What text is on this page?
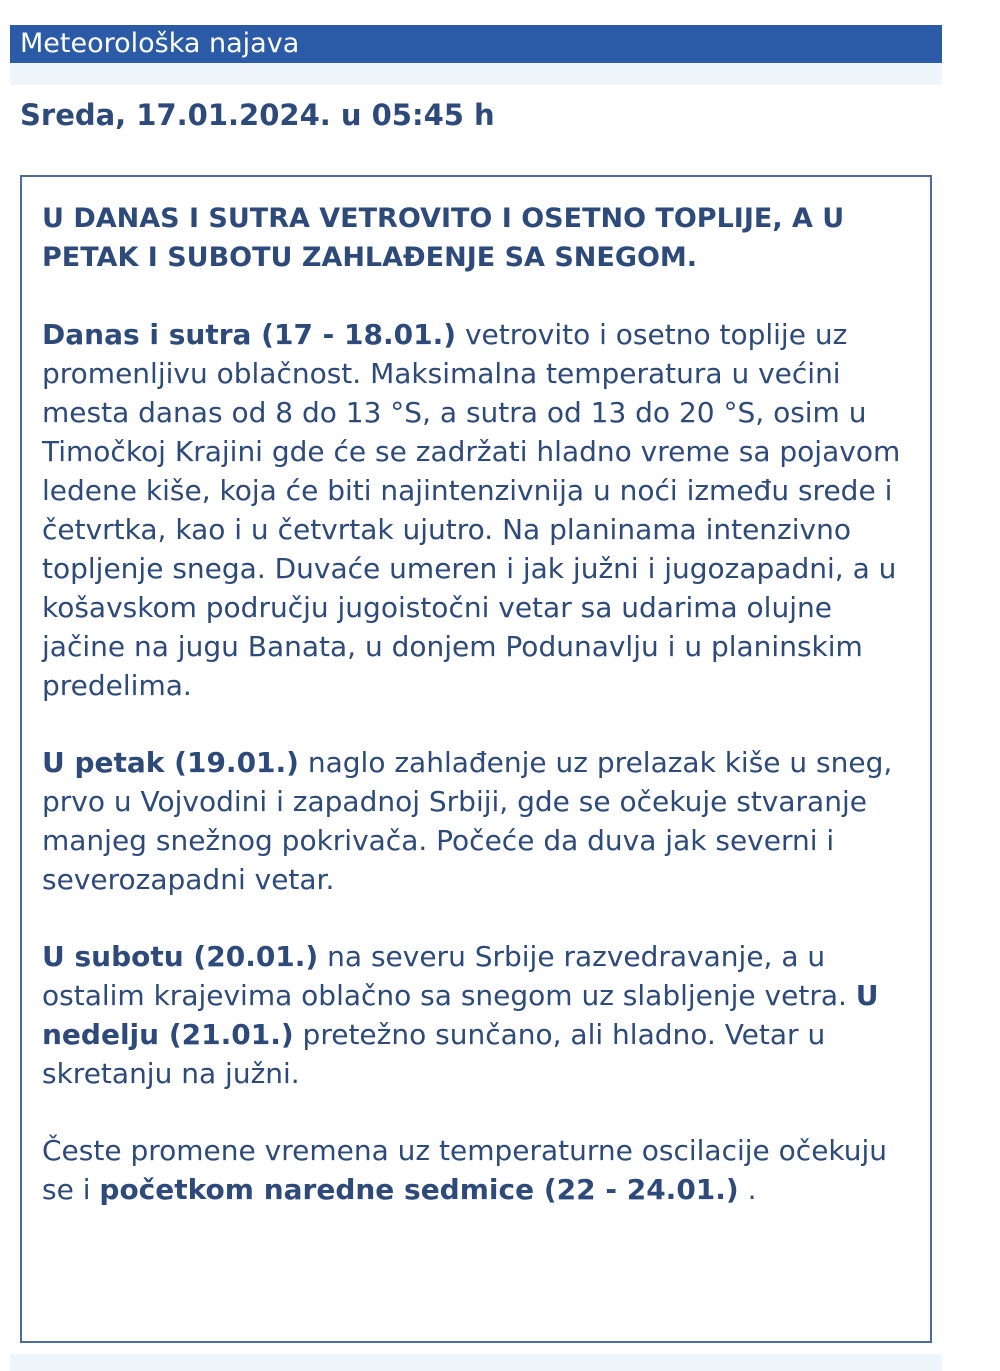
Meteorološka najava
Sreda, 17.01.2024. u 05:45 h

U DANAS I SUTRA VETROVITO I OSETNO TOPLIJE, A U PETAK I SUBOTU ZAHLAĐENJE SA SNEGOM.

Danas i sutra (17 - 18.01.) vetrovito i osetno toplije uz promenljivu oblačnost. Maksimalna temperatura u većini mesta danas od 8 do 13 °S, a sutra od 13 do 20 °S, osim u Timočkoj Krajini gde će se zadržati hladno vreme sa pojavom ledene kiše, koja će biti najintenzivnija u noći između srede i četvrtka, kao i u četvrtak ujutro. Na planinama intenzivno topljenje snega. Duvaće umeren i jak južni i jugozapadni, a u košavskom području jugoistočni vetar sa udarima olujne jačine na jugu Banata, u donjem Podunavlju i u planinskim predelima.

U petak (19.01.) naglo zahlađenje uz prelazak kiše u sneg, prvo u Vojvodini i zapadnoj Srbiji, gde se očekuje stvaranje manjeg snežnog pokrivača. Počeće da duva jak severni i severozapadni vetar.

U subotu (20.01.) na severu Srbije razvedravanje, a u ostalim krajevima oblačno sa snegom uz slabljenje vetra. U nedelju (21.01.) pretežno sunčano, ali hladno. Vetar u skretanju na južni.

Česte promene vremena uz temperaturne oscilacije očekuju se i početkom naredne sedmice (22 - 24.01.) .
